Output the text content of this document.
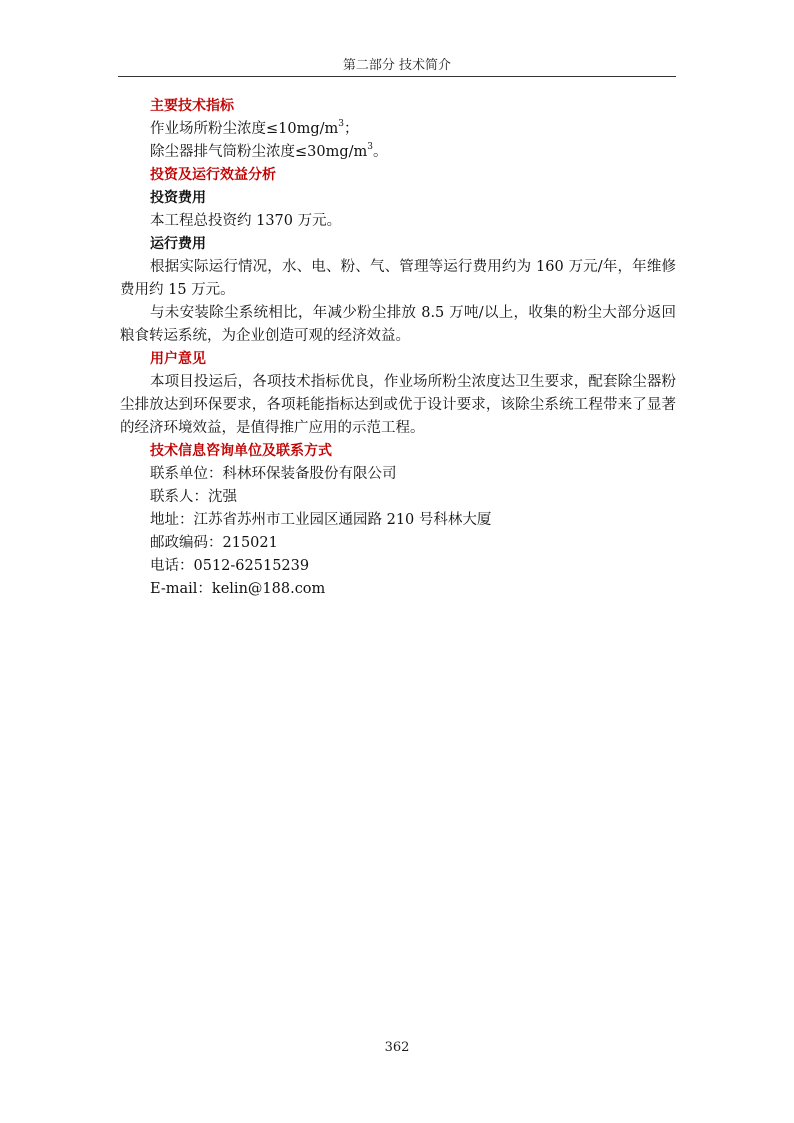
第二部分 技术简介
主要技术指标
作业场所粉尘浓度$\le 10mg/m^3$；
除尘器排气筒粉尘浓度$\le 30mg/m^3$。
投资及运行效益分析
投资费用
本工程总投资约 1370 万元。
运行费用
根据实际运行情况，水、电、粉、气、管理等运行费用约为 160 万元/年，年维修费用约 15 万元。
与未安装除尘系统相比，年减少粉尘排放 8.5 万吨/以上，收集的粉尘大部分返回粮食转运系统，为企业创造可观的经济效益。
用户意见
本项目投运后，各项技术指标优良，作业场所粉尘浓度达卫生要求，配套除尘器粉尘排放达到环保要求，各项耗能指标达到或优于设计要求，该除尘系统工程带来了显著的经济环境效益，是值得推广应用的示范工程。
技术信息咨询单位及联系方式
联系单位：科林环保装备股份有限公司
联系人：沈强
地址：江苏省苏州市工业园区通园路 210 号科林大厦
邮政编码：215021
电话：0512-62515239
E-mail：kelin@188.com
362
